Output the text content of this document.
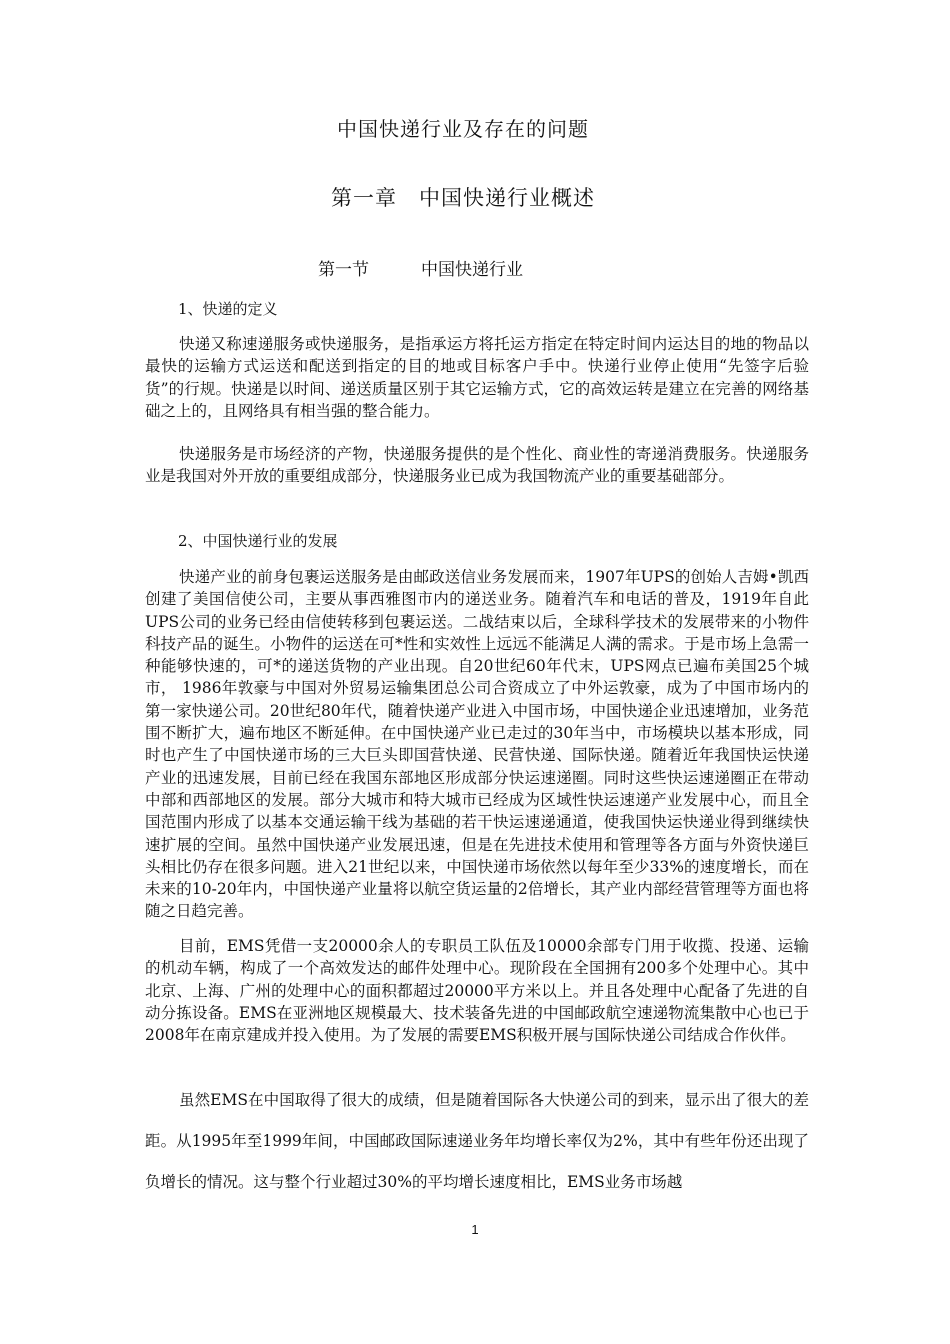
中国快递行业及存在的问题
第一章　中国快递行业概述
第一节	中国快递行业
1、快递的定义

快递又称速递服务或快递服务，是指承运方将托运方指定在特定时间内运达目的地的物品以最快的运输方式运送和配送到指定的目的地或目标客户手中。快递行业停止使用“先签字后验货”的行规。快递是以时间、递送质量区别于其它运输方式，它的高效运转是建立在完善的网络基础之上的，且网络具有相当强的整合能力。

快递服务是市场经济的产物，快递服务提供的是个性化、商业性的寄递消费服务。快递服务业是我国对外开放的重要组成部分，快递服务业已成为我国物流产业的重要基础部分。

2、中国快递行业的发展

快递产业的前身包裹运送服务是由邮政送信业务发展而来，1907年UPS的创始人吉姆•凯西创建了美国信使公司，主要从事西雅图市内的递送业务。随着汽车和电话的普及，1919年自此UPS公司的业务已经由信使转移到包裹运送。二战结束以后，全球科学技术的发展带来的小物件科技产品的诞生。小物件的运送在可*性和实效性上远远不能满足人满的需求。于是市场上急需一种能够快速的，可*的递送货物的产业出现。自20世纪60年代末，UPS网点已遍布美国25个城市， 1986年敦豪与中国对外贸易运输集团总公司合资成立了中外运敦豪，成为了中国市场内的第一家快递公司。20世纪80年代，随着快递产业进入中国市场，中国快递企业迅速增加，业务范围不断扩大，遍布地区不断延伸。在中国快递产业已走过的30年当中，市场模块以基本形成，同时也产生了中国快递市场的三大巨头即国营快递、民营快递、国际快递。随着近年我国快运快递产业的迅速发展，目前已经在我国东部地区形成部分快运速递圈。同时这些快运速递圈正在带动中部和西部地区的发展。部分大城市和特大城市已经成为区域性快运速递产业发展中心，而且全国范围内形成了以基本交通运输干线为基础的若干快运速递通道，使我国快运快递业得到继续快速扩展的空间。虽然中国快递产业发展迅速，但是在先进技术使用和管理等各方面与外资快递巨头相比仍存在很多问题。进入21世纪以来，中国快递市场依然以每年至少33%的速度增长，而在未来的10-20年内，中国快递产业量将以航空货运量的2倍增长，其产业内部经营管理等方面也将随之日趋完善。

目前，EMS凭借一支20000余人的专职员工队伍及10000余部专门用于收揽、投递、运输的机动车辆，构成了一个高效发达的邮件处理中心。现阶段在全国拥有200多个处理中心。其中北京、上海、广州的处理中心的面积都超过20000平方米以上。并且各处理中心配备了先进的自动分拣设备。EMS在亚洲地区规模最大、技术装备先进的中国邮政航空速递物流集散中心也已于2008年在南京建成并投入使用。为了发展的需要EMS积极开展与国际快递公司结成合作伙伴。

虽然EMS在中国取得了很大的成绩，但是随着国际各大快递公司的到来，显示出了很大的差距。从1995年至1999年间，中国邮政国际速递业务年均增长率仅为2%，其中有些年份还出现了负增长的情况。这与整个行业超过30%的平均增长速度相比，EMS业务市场越

1
